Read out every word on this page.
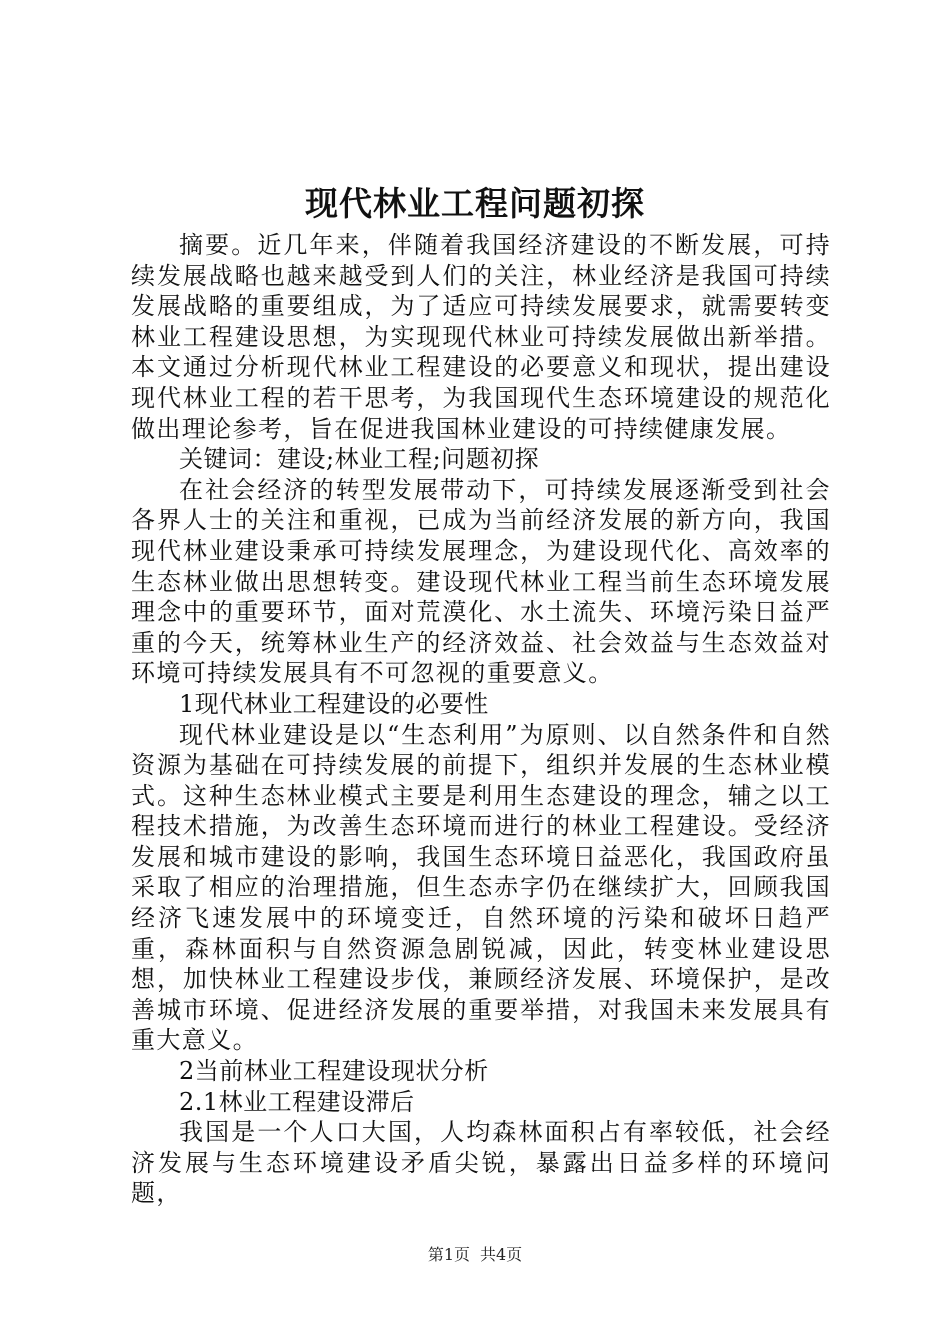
现代林业工程问题初探

摘要。近几年来，伴随着我国经济建设的不断发展，可持续发展战略也越来越受到人们的关注，林业经济是我国可持续发展战略的重要组成，为了适应可持续发展要求，就需要转变林业工程建设思想，为实现现代林业可持续发展做出新举措。本文通过分析现代林业工程建设的必要意义和现状，提出建设现代林业工程的若干思考，为我国现代生态环境建设的规范化做出理论参考，旨在促进我国林业建设的可持续健康发展。

关键词：建设;林业工程;问题初探

在社会经济的转型发展带动下，可持续发展逐渐受到社会各界人士的关注和重视，已成为当前经济发展的新方向，我国现代林业建设秉承可持续发展理念，为建设现代化、高效率的生态林业做出思想转变。建设现代林业工程当前生态环境发展理念中的重要环节，面对荒漠化、水土流失、环境污染日益严重的今天，统筹林业生产的经济效益、社会效益与生态效益对环境可持续发展具有不可忽视的重要意义。

1现代林业工程建设的必要性

现代林业建设是以“生态利用”为原则、以自然条件和自然资源为基础在可持续发展的前提下，组织并发展的生态林业模式。这种生态林业模式主要是利用生态建设的理念，辅之以工程技术措施，为改善生态环境而进行的林业工程建设。受经济发展和城市建设的影响，我国生态环境日益恶化，我国政府虽采取了相应的治理措施，但生态赤字仍在继续扩大，回顾我国经济飞速发展中的环境变迁，自然环境的污染和破坏日趋严重，森林面积与自然资源急剧锐减，因此，转变林业建设思想，加快林业工程建设步伐，兼顾经济发展、环境保护，是改善城市环境、促进经济发展的重要举措，对我国未来发展具有重大意义。

2当前林业工程建设现状分析

2.1林业工程建设滞后

我国是一个人口大国，人均森林面积占有率较低，社会经济发展与生态环境建设矛盾尖锐，暴露出日益多样的环境问题，

第1页 共4页
